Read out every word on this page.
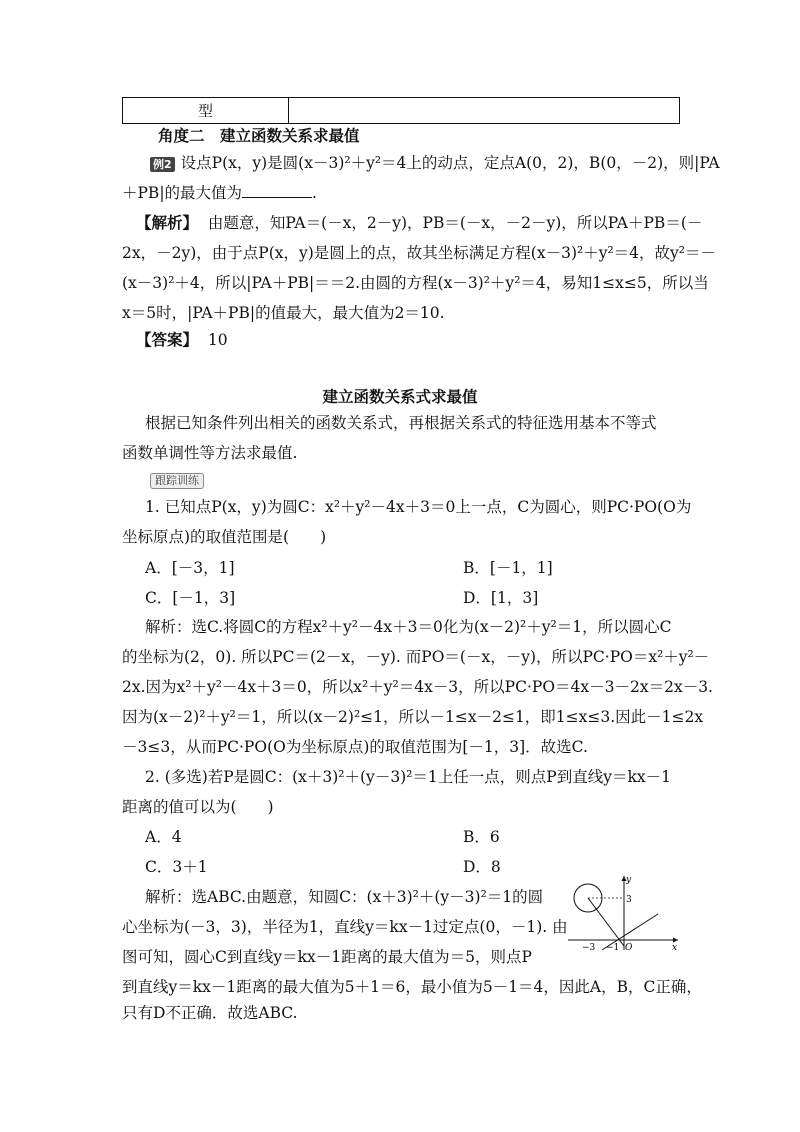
型	
角度二　建立函数关系求最值
例2 设点P(x，y)是圆(x－3)²＋y²＝4上的动点，定点A(0，2)，B(0，－2)，则|PA
＋PB|的最大值为	.
【解析】 由题意，知PA＝(－x，2－y)，PB＝(－x，－2－y)，所以PA＋PB＝(－
2x，－2y)，由于点P(x，y)是圆上的点，故其坐标满足方程(x－3)²＋y²＝4，故y²＝－
(x－3)²＋4，所以|PA＋PB|＝＝2.由圆的方程(x－3)²＋y²＝4，易知1≤x≤5，所以当
x＝5时，|PA＋PB|的值最大，最大值为2＝10.
【答案】 10
建立函数关系式求最值
根据已知条件列出相关的函数关系式，再根据关系式的特征选用基本不等式
函数单调性等方法求最值.
跟踪训练
1. 已知点P(x，y)为圆C：x²＋y²－4x＋3＝0上一点，C为圆心，则PC·PO(O为
坐标原点)的取值范围是(　　)
A．[－3，1]	B．[－1，1]
C．[－1，3]	D．[1，3]
解析：选C.将圆C的方程x²＋y²－4x＋3＝0化为(x－2)²＋y²＝1，所以圆心C
的坐标为(2，0). 所以PC＝(2－x，－y). 而PO＝(－x，－y)，所以PC·PO＝x²＋y²－
2x.因为x²＋y²－4x＋3＝0，所以x²＋y²＝4x－3，所以PC·PO＝4x－3－2x＝2x－3.
因为(x－2)²＋y²＝1，所以(x－2)²≤1，所以－1≤x－2≤1，即1≤x≤3.因此－1≤2x
－3≤3，从而PC·PO(O为坐标原点)的取值范围为[－1，3]．故选C.
2. (多选)若P是圆C：(x＋3)²＋(y－3)²＝1上任一点，则点P到直线y＝kx－1
距离的值可以为(　　)
A．4	B．6
C．3＋1	D．8
解析：选ABC.由题意，知圆C：(x＋3)²＋(y－3)²＝1的圆
心坐标为(－3，3)，半径为1，直线y＝kx－1过定点(0，－1). 由
图可知，圆心C到直线y＝kx－1距离的最大值为＝5，则点P
到直线y＝kx－1距离的最大值为5＋1＝6，最小值为5－1＝4，因此A，B，C正确，
只有D不正确．故选ABC.
y
x
3
−3 −1 O
